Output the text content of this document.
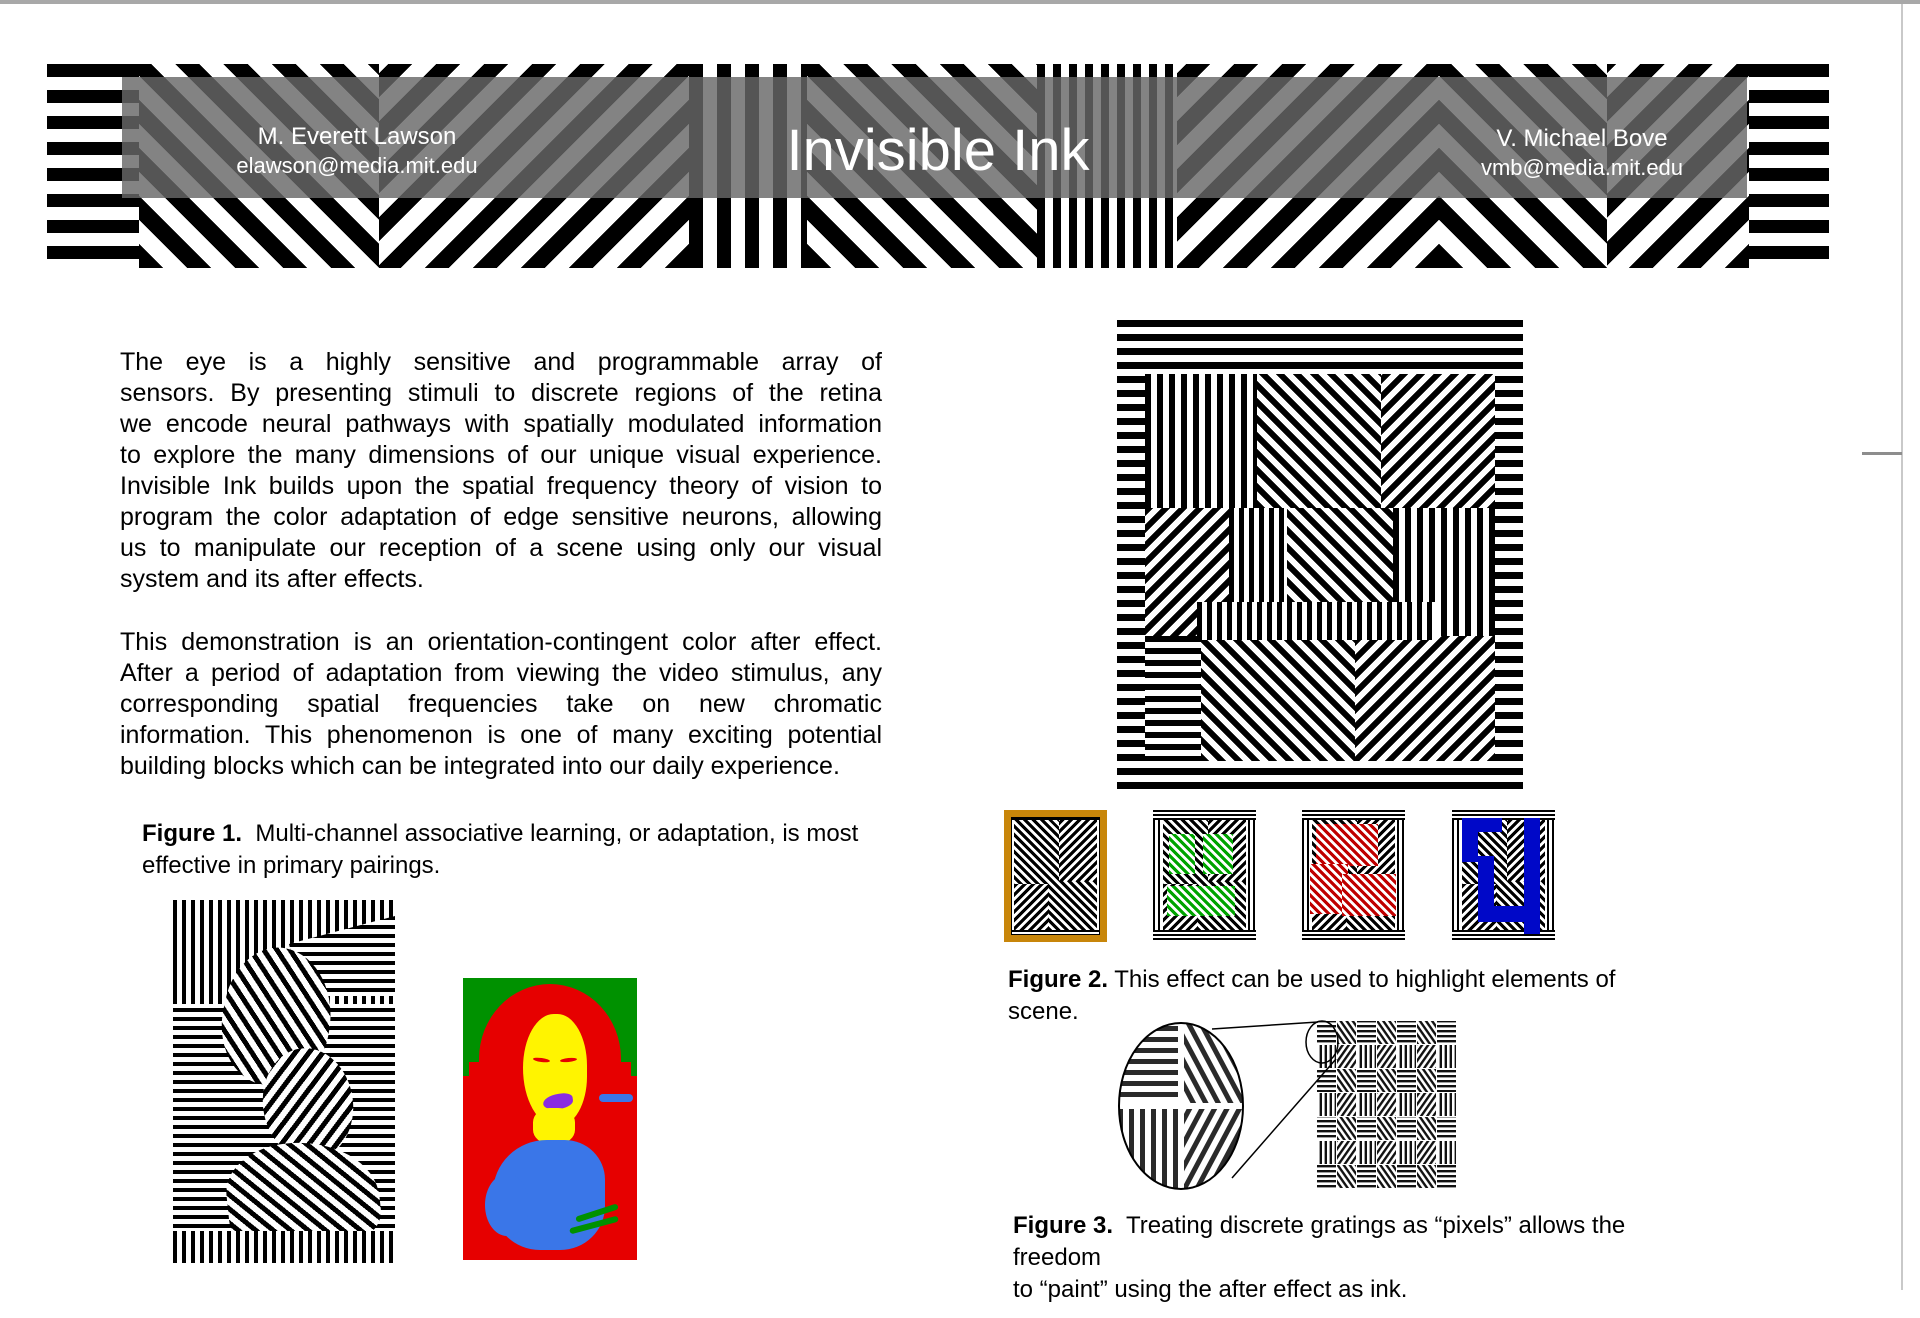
M. Everett Lawson
elawson@media.mit.edu	Invisible Ink	V. Michael Bove
vmb@media.mit.edu
The eye is a highly sensitive and programmable array of
sensors. By presenting stimuli to discrete regions of the retina
we encode neural pathways with spatially modulated information
to explore the many dimensions of our unique visual experience.
Invisible Ink builds upon the spatial frequency theory of vision to
program the color adaptation of edge sensitive neurons, allowing
us to manipulate our reception of a scene using only our visual
system and its after effects.
This demonstration is an orientation-contingent color after effect.
After a period of adaptation from viewing the video stimulus, any
corresponding spatial frequencies take on new chromatic
information. This phenomenon is one of many exciting potential
building blocks which can be integrated into our daily experience.
Figure 1. Multi-channel associative learning, or adaptation, is most
effective in primary pairings.
Figure 2. This effect can be used to highlight elements of scene.
Figure 3. Treating discrete gratings as “pixels” allows the freedom
to “paint” using the after effect as ink.
